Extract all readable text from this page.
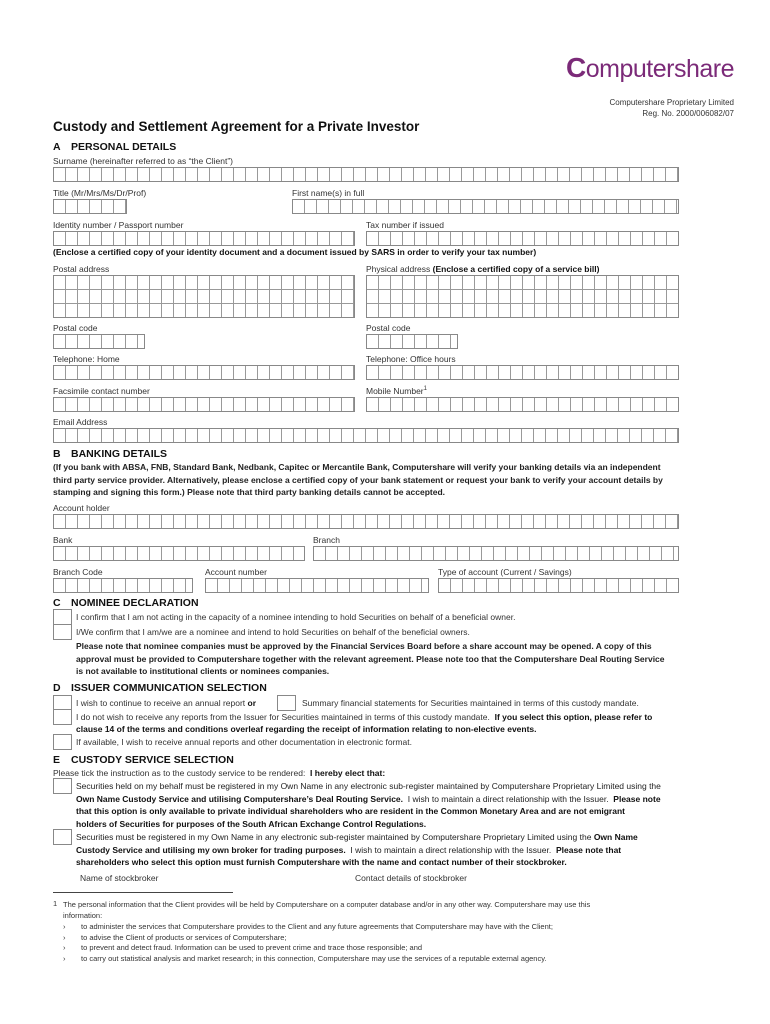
Computershare
Computershare Proprietary Limited
Reg. No. 2000/006082/07
Custody and Settlement Agreement for a Private Investor
A PERSONAL DETAILS
Surname (hereinafter referred to as “the Client”)
Title (Mr/Mrs/Ms/Dr/Prof)	First name(s) in full
Identity number / Passport number	Tax number if issued
(Enclose a certified copy of your identity document and a document issued by SARS in order to verify your tax number)
Postal address	Physical address (Enclose a certified copy of a service bill)
Postal code	Postal code
Telephone: Home	Telephone: Office hours
Facsimile contact number	Mobile Number$^1$
Email Address
B BANKING DETAILS
(If you bank with ABSA, FNB, Standard Bank, Nedbank, Capitec or Mercantile Bank, Computershare will verify your banking details via an independent
third party service provider. Alternatively, please enclose a certified copy of your bank statement or request your bank to verify your account details by
stamping and signing this form.) Please note that third party banking details cannot be accepted.
Account holder
Bank	Branch
Branch Code	Account number	Type of account (Current / Savings)
C NOMINEE DECLARATION
I confirm that I am not acting in the capacity of a nominee intending to hold Securities on behalf of a beneficial owner.
I/We confirm that I am/we are a nominee and intend to hold Securities on behalf of the beneficial owners.
Please note that nominee companies must be approved by the Financial Services Board before a share account may be opened. A copy of this
approval must be provided to Computershare together with the relevant agreement. Please note too that the Computershare Deal Routing Service
is not available to institutional clients or nominees companies.
D ISSUER COMMUNICATION SELECTION
I wish to continue to receive an annual report or	Summary financial statements for Securities maintained in terms of this custody mandate.
I do not wish to receive any reports from the Issuer for Securities maintained in terms of this custody mandate. If you select this option, please refer to
clause 14 of the terms and conditions overleaf regarding the receipt of information relating to non-elective events.
If available, I wish to receive annual reports and other documentation in electronic format.
E CUSTODY SERVICE SELECTION
Please tick the instruction as to the custody service to be rendered: I hereby elect that:
Securities held on my behalf must be registered in my Own Name in any electronic sub-register maintained by Computershare Proprietary Limited using the
Own Name Custody Service and utilising Computershare’s Deal Routing Service. I wish to maintain a direct relationship with the Issuer. Please note
that this option is only available to private individual shareholders who are resident in the Common Monetary Area and are not emigrant
holders of Securities for purposes of the South African Exchange Control Regulations.
Securities must be registered in my Own Name in any electronic sub-register maintained by Computershare Proprietary Limited using the Own Name
Custody Service and utilising my own broker for trading purposes. I wish to maintain a direct relationship with the Issuer. Please note that
shareholders who select this option must furnish Computershare with the name and contact number of their stockbroker.
Name of stockbroker	Contact details of stockbroker
1 The personal information that the Client provides will be held by Computershare on a computer database and/or in any other way. Computershare may use this
information:
› to administer the services that Computershare provides to the Client and any future agreements that Computershare may have with the Client;
› to advise the Client of products or services of Computershare;
› to prevent and detect fraud. Information can be used to prevent crime and trace those responsible; and
› to carry out statistical analysis and market research; in this connection, Computershare may use the services of a reputable external agency.
